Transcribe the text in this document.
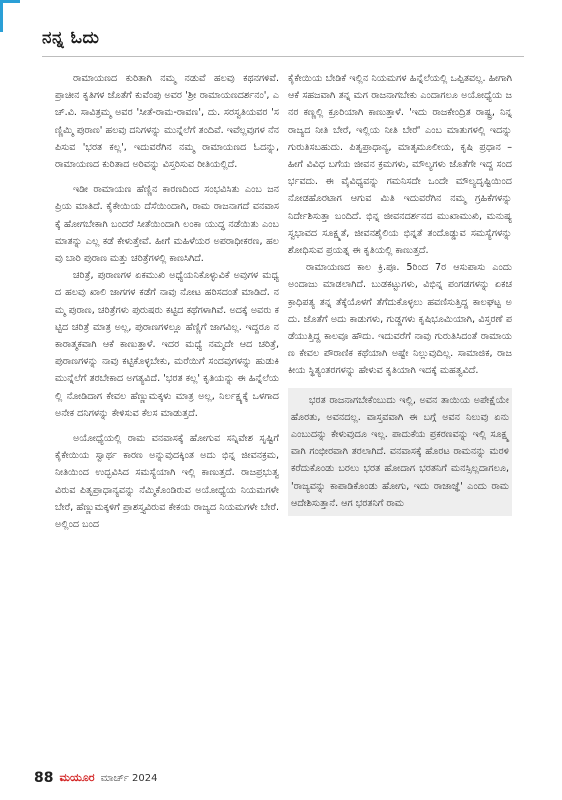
ನನ್ನ ಓದು

ರಾಮಾಯಣದ ಕುರಿತಾಗಿ ನಮ್ಮ ನಡುವೆ ಹಲವು ಕಥನಗಳಿವೆ. ಪ್ರಾಚೀನ ಕೃತಿಗಳ ಜೊತೆಗೆ ಕುವೆಂಪು ಅವರ 'ಶ್ರೀ ರಾಮಾಯಣದರ್ಶನಂ', ಎಚ್.ವಿ. ಸಾವಿತ್ರಮ್ಮ ಅವರ 'ಸೀತೆ-ರಾಮ-ರಾವಣ', ದು. ಸರಸ್ವತಿಯವರ 'ಸಣ್ಣಿಮ್ಮಿ ಪುರಾಣ' ಹಲವು ದನಿಗಳನ್ನು ಮುನ್ನೆಲೆಗೆ ತಂದಿವೆ. ಇವೆಲ್ಲವುಗಳ ನೆನಪಿಸುವ 'ಭರತ ಕಲ್ಲ', ಇದುವರೆಗಿನ ನಮ್ಮ ರಾಮಾಯಣದ ಓದನ್ನು, ರಾಮಾಯಣದ ಕುರಿತಾದ ಅರಿವನ್ನು ವಿಸ್ತರಿಸುವ ರೀತಿಯಲ್ಲಿದೆ.

ಇಡೀ ರಾಮಾಯಣ ಹೆಣ್ಣಿನ ಕಾರಣದಿಂದ ಸಂಭವಿಸಿತು ಎಂಬ ಜನಪ್ರಿಯ ಮಾತಿದೆ. ಕೈಕೇಯಿಯ ದೆಸೆಯಿಂದಾಗಿ, ರಾಮ ರಾಜನಾಗದೆ ವನವಾಸಕ್ಕೆ ಹೋಗಬೇಕಾಗಿ ಬಂದರೆ ಸೀತೆಯಿಂದಾಗಿ ಲಂಕಾ ಯುದ್ಧ ನಡೆಯಿತು ಎಂಬ ಮಾತನ್ನು ಎಲ್ಲ ಕಡೆ ಕೇಳುತ್ತೇವೆ. ಹೀಗೆ ಮಹಿಳೆಯರ ಅಪರಾಧೀಕರಣ, ಹಲವು ಬಾರಿ ಪುರಾಣ ಮತ್ತು ಚರಿತ್ರೆಗಳಲ್ಲಿ ಕಾಣಸಿಗಿದೆ.

ಚರಿತ್ರೆ, ಪುರಾಣಗಳ ಏಕಮುಖಿ ಅಧ್ಯೆಯನಿಕೊಳ್ಳುವಿಕೆ ಅವುಗಳ ಮಧ್ಯದ ಹಲವು ಖಾಲಿ ಜಾಗಗಳ ಕಡೆಗೆ ನಾವು ನೋಟ ಹರಿಸದಂತೆ ಮಾಡಿದೆ. ನಮ್ಮ ಪುರಾಣ, ಚರಿತ್ರೆಗಳು ಪುರುಷರು ಕಟ್ಟಿದ ಕಥೆಗಳಾಗಿವೆ. ಅದಕ್ಕೆ ಅವರು ಕಟ್ಟಿದ ಚರಿತ್ರೆ ಮಾತ್ರ ಅಲ್ಲ, ಪುರಾಣಗಳಲ್ಲೂ ಹೆಣ್ಣಿಗೆ ಜಾಗವಿಲ್ಲ. ಇದ್ದರೂ ನಕಾರಾತ್ಮಕವಾಗಿ ಆಕೆ ಕಾಣುತ್ತಾಳೆ. ಇದರ ಮಧ್ಯೆ ನಮ್ಮದೇ ಆದ ಚರಿತ್ರೆ, ಪುರಾಣಗಳನ್ನು ನಾವು ಕಟ್ಟಿಕೊಳ್ಳಬೇಕು, ಮರೆಯಿಗೆ ಸಂದವುಗಳನ್ನು ಹುಡುಕಿ ಮುನ್ನೆಲೆಗೆ ತರಬೇಕಾದ ಅಗತ್ಯವಿದೆ. 'ಭರತ ಕಲ್ಲ' ಕೃತಿಯನ್ನು ಈ ಹಿನ್ನೆಲೆಯಲ್ಲಿ ನೋಡಿದಾಗ ಕೇವಲ ಹೆಣ್ಣುಮಕ್ಕಳು ಮಾತ್ರ ಅಲ್ಲ, ನಿರ್ಲಕ್ಷ್ಯಕ್ಕೆ ಒಳಗಾದ ಅನೇಕ ದನಿಗಳನ್ನು ಕೇಳಿಸುವ ಕೆಲಸ ಮಾಡುತ್ತದೆ.

ಅಯೋಧ್ಯೆಯಲ್ಲಿ ರಾಮ ವನವಾಸಕ್ಕೆ ಹೋಗುವ ಸನ್ನಿವೇಶ ಸೃಷ್ಟಿಗೆ ಕೈಕೇಯಿಯ ಸ್ವಾರ್ಥ ಕಾರಣ ಅನ್ನುವುದಕ್ಕಿಂತ ಅದು ಭಿನ್ನ ಜೀವನಕ್ರಮ, ನೀತಿಯಿಂದ ಉದ್ಭವಿಸಿದ ಸಮಸ್ಯೆಯಾಗಿ ಇಲ್ಲಿ ಕಾಣುತ್ತದೆ. ರಾಜಪ್ರಭುತ್ವವಿರುವ ಪಿತೃಪ್ರಾಧಾನ್ಯವನ್ನು ನೆಮ್ಮಿಕೊಂಡಿರುವ ಅಯೋಧ್ಯೆಯ ನಿಯಮಗಳೇ ಬೇರೆ, ಹೆಣ್ಣುಮಕ್ಕಳಿಗೆ ಪ್ರಾಶಸ್ತ್ಯವಿರುವ ಕೇಕಯ ರಾಜ್ಯದ ನಿಯಮಗಳೇ ಬೇರೆ. ಅಲ್ಲಿಂದ ಬಂದ

ಕೈಕೇಯಿಯ ಬೇಡಿಕೆ ಇಲ್ಲಿನ ನಿಯಮಗಳ ಹಿನ್ನೆಲೆಯಲ್ಲಿ ಒಪ್ಪಿತವಲ್ಲ. ಹೀಗಾಗಿ ಆಕೆ ಸಹಜವಾಗಿ ತನ್ನ ಮಗ ರಾಜನಾಗಬೇಕು ಎಂದಾಗಲೂ ಅಯೋಧ್ಯೆಯ ಜನರ ಕಣ್ಣಲ್ಲಿ ಕ್ರೂರಿಯಾಗಿ ಕಾಣುತ್ತಾಳೆ. 'ಇದು ರಾಜಕೇಂದ್ರಿತ ರಾಷ್ಟ್ರ, ನಿನ್ನ ರಾಜ್ಯದ ನೀತಿ ಬೇರೆ, ಇಲ್ಲಿಯ ನೀತಿ ಬೇರೆ' ಎಂಬ ಮಾತುಗಳಲ್ಲಿ ಇದನ್ನು ಗುರುತಿಸಬಹುದು. ಪಿತೃಪ್ರಾಧಾನ್ಯ, ಮಾತೃಮೂಲೀಯ, ಕೃಷಿ ಪ್ರಧಾನ – ಹೀಗೆ ವಿವಿಧ ಬಗೆಯ ಜೀವನ ಕ್ರಮಗಳು, ಮೌಲ್ಯಗಳು ಜೊತೆಗೇ ಇದ್ದ ಸಂದರ್ಭವದು. ಈ ವೈವಿಧ್ಯವನ್ನು ಗಮನಿಸದೇ ಒಂದೇ ಮೌಲ್ಯದೃಷ್ಟಿಯಿಂದ ನೋಡಹೊರಟಾಗ ಆಗುವ ಮಿತಿ ಇದುವರೆಗಿನ ನಮ್ಮ ಗ್ರಹಿಕೆಗಳನ್ನು ನಿರ್ದೇಶಿಸುತ್ತಾ ಬಂದಿದೆ. ಭಿನ್ನ ಜೀವನದರ್ಶನದ ಮುಖಾಮುಖಿ, ಮನುಷ್ಯ ಸ್ವಭಾವದ ಸೂಕ್ಷ್ಮತೆ, ಜೀವನಶೈಲಿಯ ಭಿನ್ನತೆ ತಂದೊಡ್ಡುವ ಸಮಸ್ಯೆಗಳನ್ನು ಶೋಧಿಸುವ ಪ್ರಯತ್ನ ಈ ಕೃತಿಯಲ್ಲಿ ಕಾಣುತ್ತದೆ.

ರಾಮಾಯಣದ ಕಾಲ ಕ್ರಿ.ಪೂ. 5ರಿಂದ 7ರ ಆಸುಪಾಸು ಎಂದು ಅಂದಾಜು ಮಾಡಲಾಗಿದೆ. ಬುಡಕಟ್ಟುಗಳು, ವಿಭಿನ್ನ ಪಂಗಡಗಳನ್ನು ಏಕಚಕ್ರಾಧಿಪತ್ಯ ತನ್ನ ತೆಕ್ಕೆಯೊಳಗೆ ತೆಗೆದುಕೊಳ್ಳಲು ಹವಣಿಸುತ್ತಿದ್ದ ಕಾಲಘಟ್ಟ ಅದು. ಜೊತೆಗೆ ಅದು ಕಾಡುಗಳು, ಗುಡ್ಡಗಳು ಕೃಷಿಭೂಮಿಯಾಗಿ, ವಿಸ್ತರಣೆ ಪಡೆಯುತ್ತಿದ್ದ ಕಾಲವೂ ಹೌದು. ಇದುವರೆಗೆ ನಾವು ಗುರುತಿಸಿದಂತೆ ರಾಮಾಯಣ ಕೇವಲ ಪೌರಾಣಿಕ ಕಥೆಯಾಗಿ ಅಷ್ಟೇ ನಿಲ್ಲುವುದಿಲ್ಲ. ಸಾಮಾಜಿಕ, ರಾಜಕೀಯ ಸ್ಥಿತ್ಯಂತರಗಳನ್ನು ಹೇಳುವ ಕೃತಿಯಾಗಿ ಇದಕ್ಕೆ ಮಹತ್ವವಿದೆ.

ಭರತ ರಾಜನಾಗಬೇಕೆಂಬುದು ಇಲ್ಲಿ, ಅವನ ತಾಯಿಯ ಅಪೇಕ್ಷೆಯೇ ಹೊರತು, ಅವನದಲ್ಲ. ವಾಸ್ತವವಾಗಿ ಈ ಬಗ್ಗೆ ಅವನ ನಿಲುವು ಏನು ಎಂಬುದನ್ನು ಕೇಳುವುದೂ ಇಲ್ಲ. ಪಾದುಕೆಯ ಪ್ರಕರಣವನ್ನು ಇಲ್ಲಿ ಸೂಕ್ಷ್ಮವಾಗಿ ಗಂಭೀರವಾಗಿ ತರಲಾಗಿದೆ. ವನವಾಸಕ್ಕೆ ಹೊರಟ ರಾಮನನ್ನು ಮರಳಿ ಕರೆದುಕೊಂಡು ಬರಲು ಭರತ ಹೋದಾಗ ಭರತನಿಗೆ ಮನಸ್ಸಿಲ್ಲದಾಗಲೂ, 'ರಾಜ್ಯವನ್ನು ಕಾಪಾಡಿಕೊಂಡು ಹೋಗು, ಇದು ರಾಜಾಜ್ಞೆ' ಎಂದು ರಾಮ ಆದೇಶಿಸುತ್ತಾನೆ. ಆಗ ಭರತನಿಗೆ ರಾಮ

88 ಮಯೂರ ಮಾರ್ಚ್ 2024
